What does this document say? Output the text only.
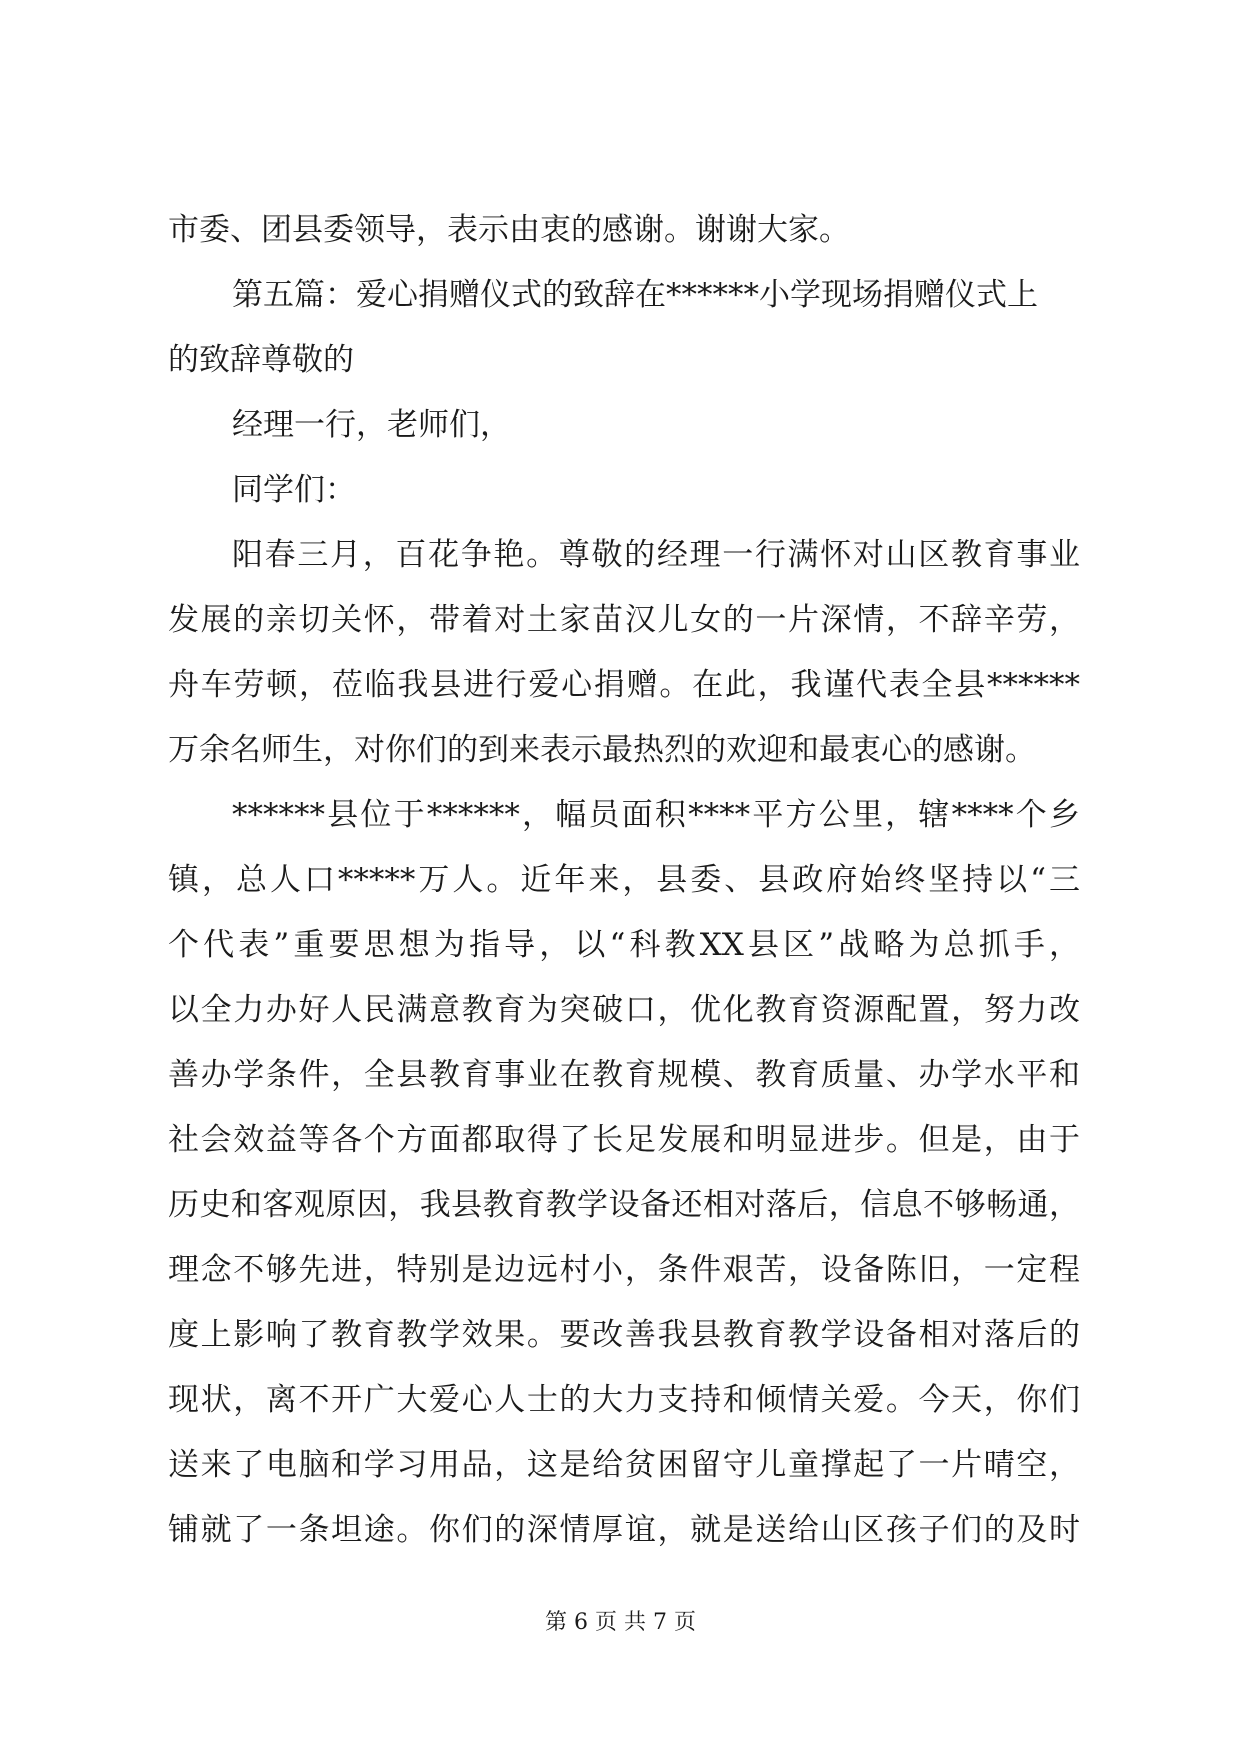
市委、团县委领导，表示由衷的感谢。谢谢大家。
第五篇：爱心捐赠仪式的致辞在******小学现场捐赠仪式上
的致辞尊敬的
经理一行，老师们，
同学们：
阳春三月，百花争艳。尊敬的经理一行满怀对山区教育事业
发展的亲切关怀，带着对土家苗汉儿女的一片深情，不辞辛劳，
舟车劳顿，莅临我县进行爱心捐赠。在此，我谨代表全县******
万余名师生，对你们的到来表示最热烈的欢迎和最衷心的感谢。
******县位于******，幅员面积****平方公里，辖****个乡
镇，总人口*****万人。近年来，县委、县政府始终坚持以“三
个代表”重要思想为指导，以“科教XX县区”战略为总抓手，
以全力办好人民满意教育为突破口，优化教育资源配置，努力改
善办学条件，全县教育事业在教育规模、教育质量、办学水平和
社会效益等各个方面都取得了长足发展和明显进步。但是，由于
历史和客观原因，我县教育教学设备还相对落后，信息不够畅通，
理念不够先进，特别是边远村小，条件艰苦，设备陈旧，一定程
度上影响了教育教学效果。要改善我县教育教学设备相对落后的
现状，离不开广大爱心人士的大力支持和倾情关爱。今天，你们
送来了电脑和学习用品，这是给贫困留守儿童撑起了一片晴空，
铺就了一条坦途。你们的深情厚谊，就是送给山区孩子们的及时
第 6 页 共 7 页
